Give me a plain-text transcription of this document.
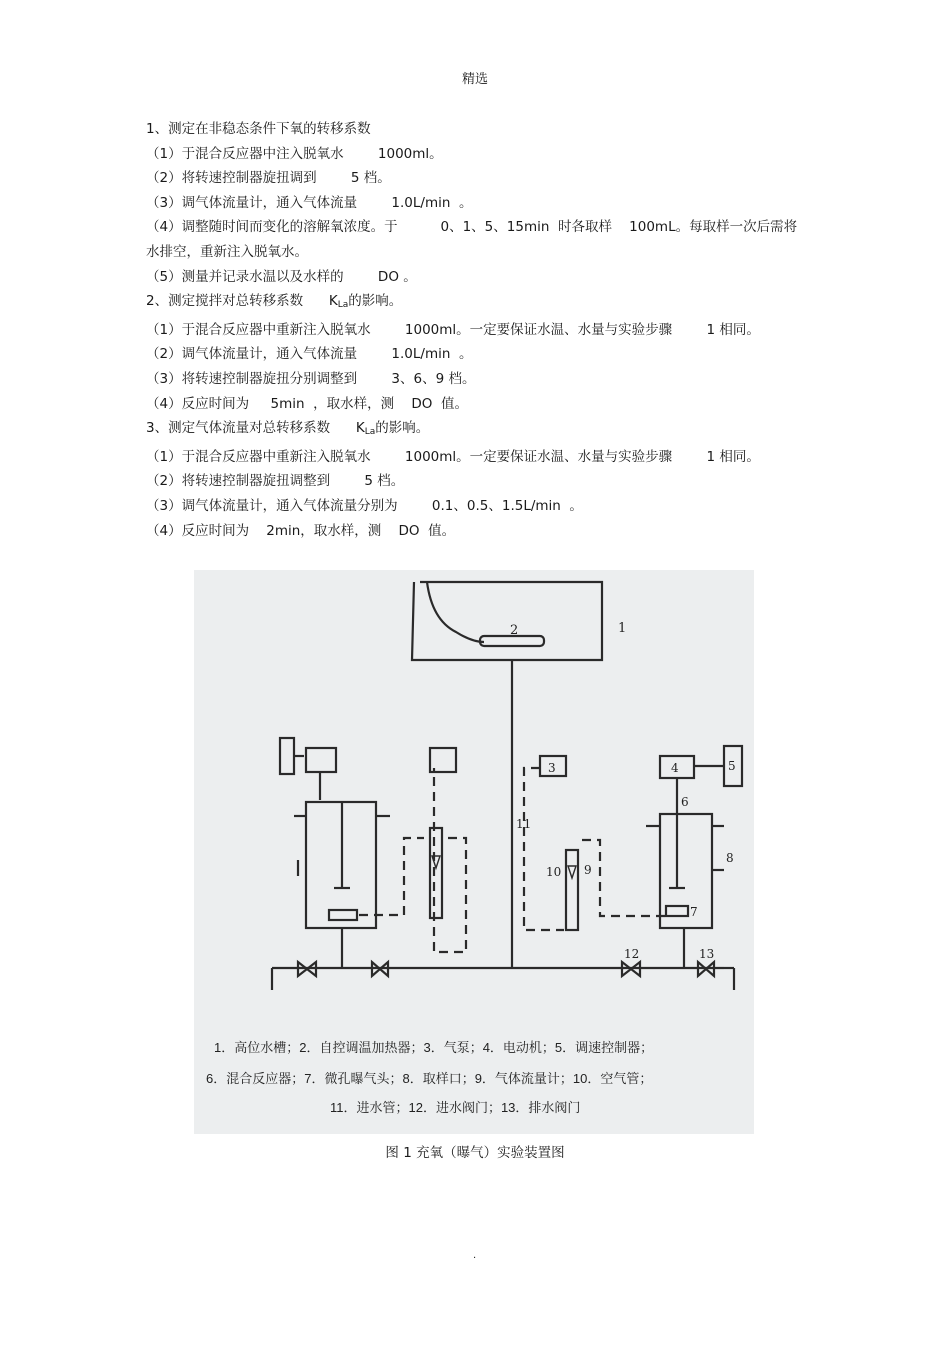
精选
1、测定在非稳态条件下氧的转移系数
（1）于混合反应器中注入脱氧水        1000ml。
（2）将转速控制器旋扭调到        5 档。
（3）调气体流量计，通入气体流量        1.0L/min  。
（4）调整随时间而变化的溶解氧浓度。于          0、1、5、15min  时各取样    100mL。每取样一次后需将水排空，重新注入脱氧水。
（5）测量并记录水温以及水样的        DO 。
2、测定搅拌对总转移系数      $K_{La}$的影响。
（1）于混合反应器中重新注入脱氧水        1000ml。一定要保证水温、水量与实验步骤        1 相同。
（2）调气体流量计，通入气体流量        1.0L/min  。
（3）将转速控制器旋扭分别调整到        3、6、9 档。
（4）反应时间为     5min  ，取水样，测    DO  值。
3、测定气体流量对总转移系数      $K_{La}$的影响。
（1）于混合反应器中重新注入脱氧水        1000ml。一定要保证水温、水量与实验步骤        1 相同。
（2）将转速控制器旋扭调整到        5 档。
（3）调气体流量计，通入气体流量分别为        0.1、0.5、1.5L/min  。
（4）反应时间为    2min，取水样，测    DO  值。
1
2
11
3
9
10
4	5
6
7
8
12	13
1．高位水槽；2．自控调温加热器；3．气泵；4．电动机；5．调速控制器；
6．混合反应器；7．微孔曝气头；8．取样口；9．气体流量计；10．空气管；
11．进水管；12．进水阀门；13．排水阀门
图 1 充氧（曝气）实验装置图
.
